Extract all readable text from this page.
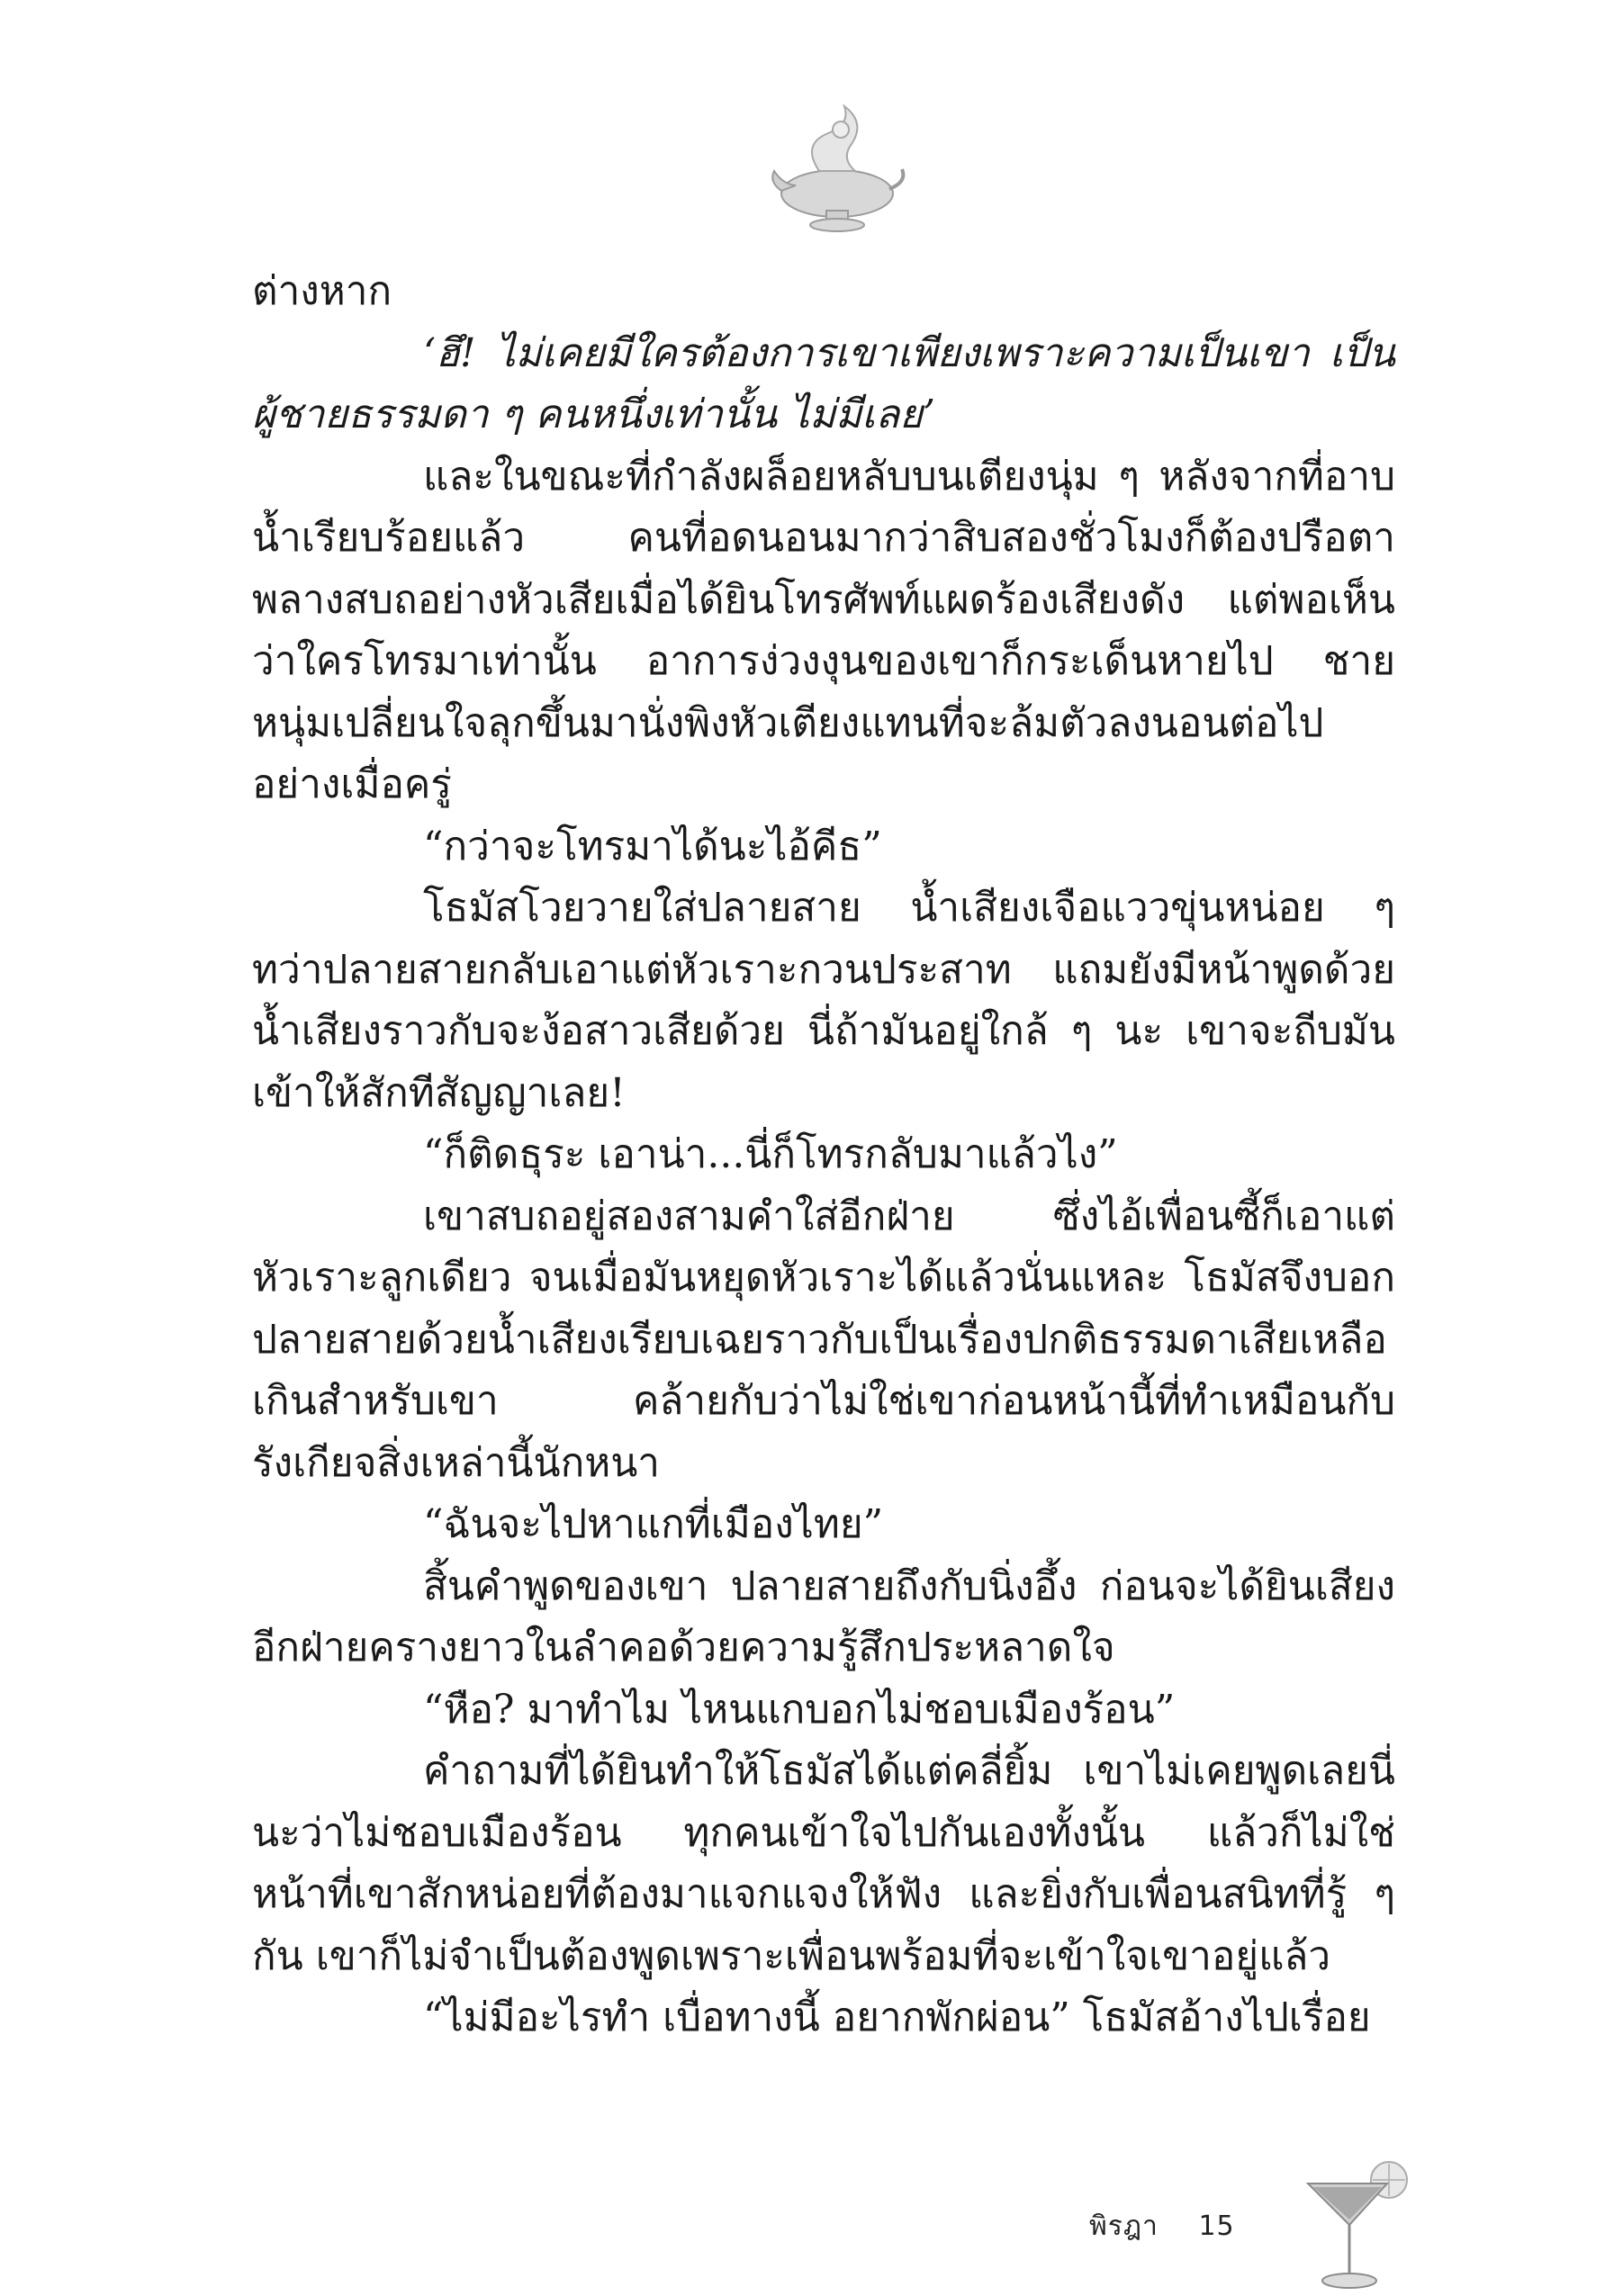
ต่างหาก

‘ฮึ! ไม่เคยมีใครต้องการเขาเพียงเพราะความเป็นเขา เป็นผู้ชายธรรมดา ๆ คนหนึ่งเท่านั้น ไม่มีเลย’

และในขณะที่กำลังผล็อยหลับบนเตียงนุ่ม ๆ หลังจากที่อาบน้ำเรียบร้อยแล้ว คนที่อดนอนมากว่าสิบสองชั่วโมงก็ต้องปรือตาพลางสบถอย่างหัวเสียเมื่อได้ยินโทรศัพท์แผดร้องเสียงดัง แต่พอเห็นว่าใครโทรมาเท่านั้น อาการง่วงงุนของเขาก็กระเด็นหายไป ชายหนุ่มเปลี่ยนใจลุกขึ้นมานั่งพิงหัวเตียงแทนที่จะล้มตัวลงนอนต่อไปอย่างเมื่อครู่

“กว่าจะโทรมาได้นะไอ้คีธ”

โธมัสโวยวายใส่ปลายสาย น้ำเสียงเจือแววขุ่นหน่อย ๆ ทว่าปลายสายกลับเอาแต่หัวเราะกวนประสาท แถมยังมีหน้าพูดด้วยน้ำเสียงราวกับจะง้อสาวเสียด้วย นี่ถ้ามันอยู่ใกล้ ๆ นะ เขาจะถีบมันเข้าให้สักทีสัญญาเลย!

“ก็ติดธุระ เอาน่า...นี่ก็โทรกลับมาแล้วไง”

เขาสบถอยู่สองสามคำใส่อีกฝ่าย ซึ่งไอ้เพื่อนซี้ก็เอาแต่หัวเราะลูกเดียว จนเมื่อมันหยุดหัวเราะได้แล้วนั่นแหละ โธมัสจึงบอกปลายสายด้วยน้ำเสียงเรียบเฉยราวกับเป็นเรื่องปกติธรรมดาเสียเหลือเกินสำหรับเขา คล้ายกับว่าไม่ใช่เขาก่อนหน้านี้ที่ทำเหมือนกับรังเกียจสิ่งเหล่านี้นักหนา

“ฉันจะไปหาแกที่เมืองไทย”

สิ้นคำพูดของเขา ปลายสายถึงกับนิ่งอึ้ง ก่อนจะได้ยินเสียงอีกฝ่ายครางยาวในลำคอด้วยความรู้สึกประหลาดใจ

“หือ? มาทำไม ไหนแกบอกไม่ชอบเมืองร้อน”

คำถามที่ได้ยินทำให้โธมัสได้แต่คลี่ยิ้ม เขาไม่เคยพูดเลยนี่นะว่าไม่ชอบเมืองร้อน ทุกคนเข้าใจไปกันเองทั้งนั้น แล้วก็ไม่ใช่หน้าที่เขาสักหน่อยที่ต้องมาแจกแจงให้ฟัง และยิ่งกับเพื่อนสนิทที่รู้ ๆ กัน เขาก็ไม่จำเป็นต้องพูดเพราะเพื่อนพร้อมที่จะเข้าใจเขาอยู่แล้ว

“ไม่มีอะไรทำ เบื่อทางนี้ อยากพักผ่อน” โธมัสอ้างไปเรื่อย

พิรฎา 15
